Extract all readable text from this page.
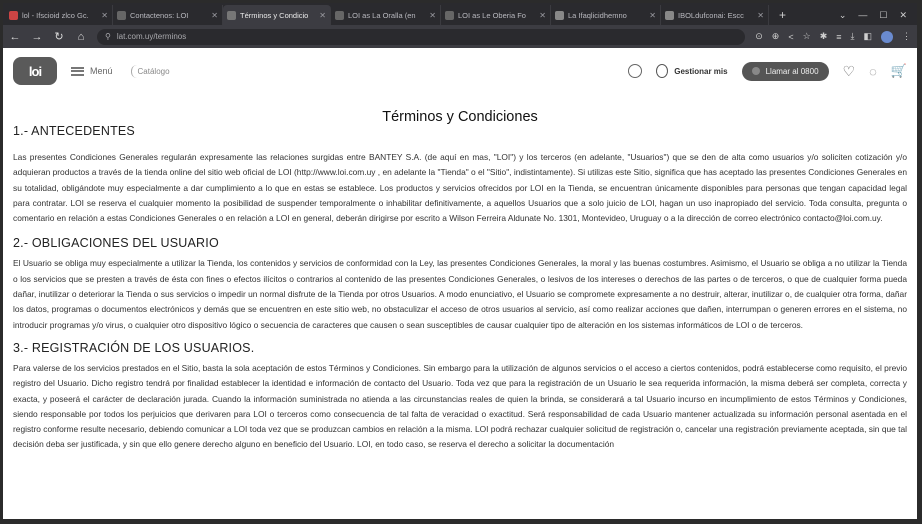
lol - Ifscioid zlco Gc.	✕	Contactenos: LOI	✕	Términos y Condicio	✕	LOI as La Oralla (en	✕	LOI as Le Oberia Fo	✕	La Ifaqlicidhemno	✕	IBOLdufconai: Escc	✕	+	⌄ — ☐ ✕
← → ↻ ⌂	⚲ lat.com.uy/terminos	⊙ ⊕ < ☆ ✱ ≡ ⤓ ◧	⋮
loi	Menú	Catálogo	Gestionar mis	Llamar al 0800 ♡ ◌ 🛒
Términos y Condiciones
1.- ANTECEDENTES

Las presentes Condiciones Generales regularán expresamente las relaciones surgidas entre BANTEY S.A. (de aquí en mas, "LOI") y los terceros (en adelante, "Usuarios") que se den de alta como usuarios y/o soliciten cotización y/o adquieran productos a través de la tienda online del sitio web oficial de LOI (http://www.loi.com.uy , en adelante la "Tienda" o el "Sitio", indistintamente). Si utilizas este Sitio, significa que has aceptado las presentes Condiciones Generales en su totalidad, obligándote muy especialmente a dar cumplimiento a lo que en estas se establece. Los productos y servicios ofrecidos por LOI en la Tienda, se encuentran únicamente disponibles para personas que tengan capacidad legal para contratar. LOI se reserva el cualquier momento la posibilidad de suspender temporalmente o inhabilitar definitivamente, a aquellos Usuarios que a solo juicio de LOI, hagan un uso inapropiado del servicio. Toda consulta, pregunta o comentario en relación a estas Condiciones Generales o en relación a LOI en general, deberán dirigirse por escrito a Wilson Ferreira Aldunate No. 1301, Montevideo, Uruguay o a la dirección de correo electrónico contacto@loi.com.uy.

2.- OBLIGACIONES DEL USUARIO

El Usuario se obliga muy especialmente a utilizar la Tienda, los contenidos y servicios de conformidad con la Ley, las presentes Condiciones Generales, la moral y las buenas costumbres. Asimismo, el Usuario se obliga a no utilizar la Tienda o los servicios que se presten a través de ésta con fines o efectos ilícitos o contrarios al contenido de las presentes Condiciones Generales, o lesivos de los intereses o derechos de las partes o de terceros, o que de cualquier forma pueda dañar, inutilizar o deteriorar la Tienda o sus servicios o impedir un normal disfrute de la Tienda por otros Usuarios. A modo enunciativo, el Usuario se compromete expresamente a no destruir, alterar, inutilizar o, de cualquier otra forma, dañar los datos, programas o documentos electrónicos y demás que se encuentren en este sitio web, no obstaculizar el acceso de otros usuarios al servicio, así como realizar acciones que dañen, interrumpan o generen errores en el sistema, no introducir programas y/o virus, o cualquier otro dispositivo lógico o secuencia de caracteres que causen o sean susceptibles de causar cualquier tipo de alteración en los sistemas informáticos de LOI o de terceros.

3.- REGISTRACIÓN DE LOS USUARIOS.

Para valerse de los servicios prestados en el Sitio, basta la sola aceptación de estos Términos y Condiciones. Sin embargo para la utilización de algunos servicios o el acceso a ciertos contenidos, podrá establecerse como requisito, el previo registro del Usuario. Dicho registro tendrá por finalidad establecer la identidad e información de contacto del Usuario. Toda vez que para la registración de un Usuario le sea requerida información, la misma deberá ser completa, correcta y exacta, y poseerá el carácter de declaración jurada. Cuando la información suministrada no atienda a las circunstancias reales de quien la brinda, se considerará a tal Usuario incurso en incumplimiento de estos Términos y Condiciones, siendo responsable por todos los perjuicios que derivaren para LOI o terceros como consecuencia de tal falta de veracidad o exactitud. Será responsabilidad de cada Usuario mantener actualizada su información personal asentada en el registro conforme resulte necesario, debiendo comunicar a LOI toda vez que se produzcan cambios en relación a la misma. LOI podrá rechazar cualquier solicitud de registración o, cancelar una registración previamente aceptada, sin que tal decisión deba ser justificada, y sin que ello genere derecho alguno en beneficio del Usuario. LOI, en todo caso, se reserva el derecho a solicitar la documentación
